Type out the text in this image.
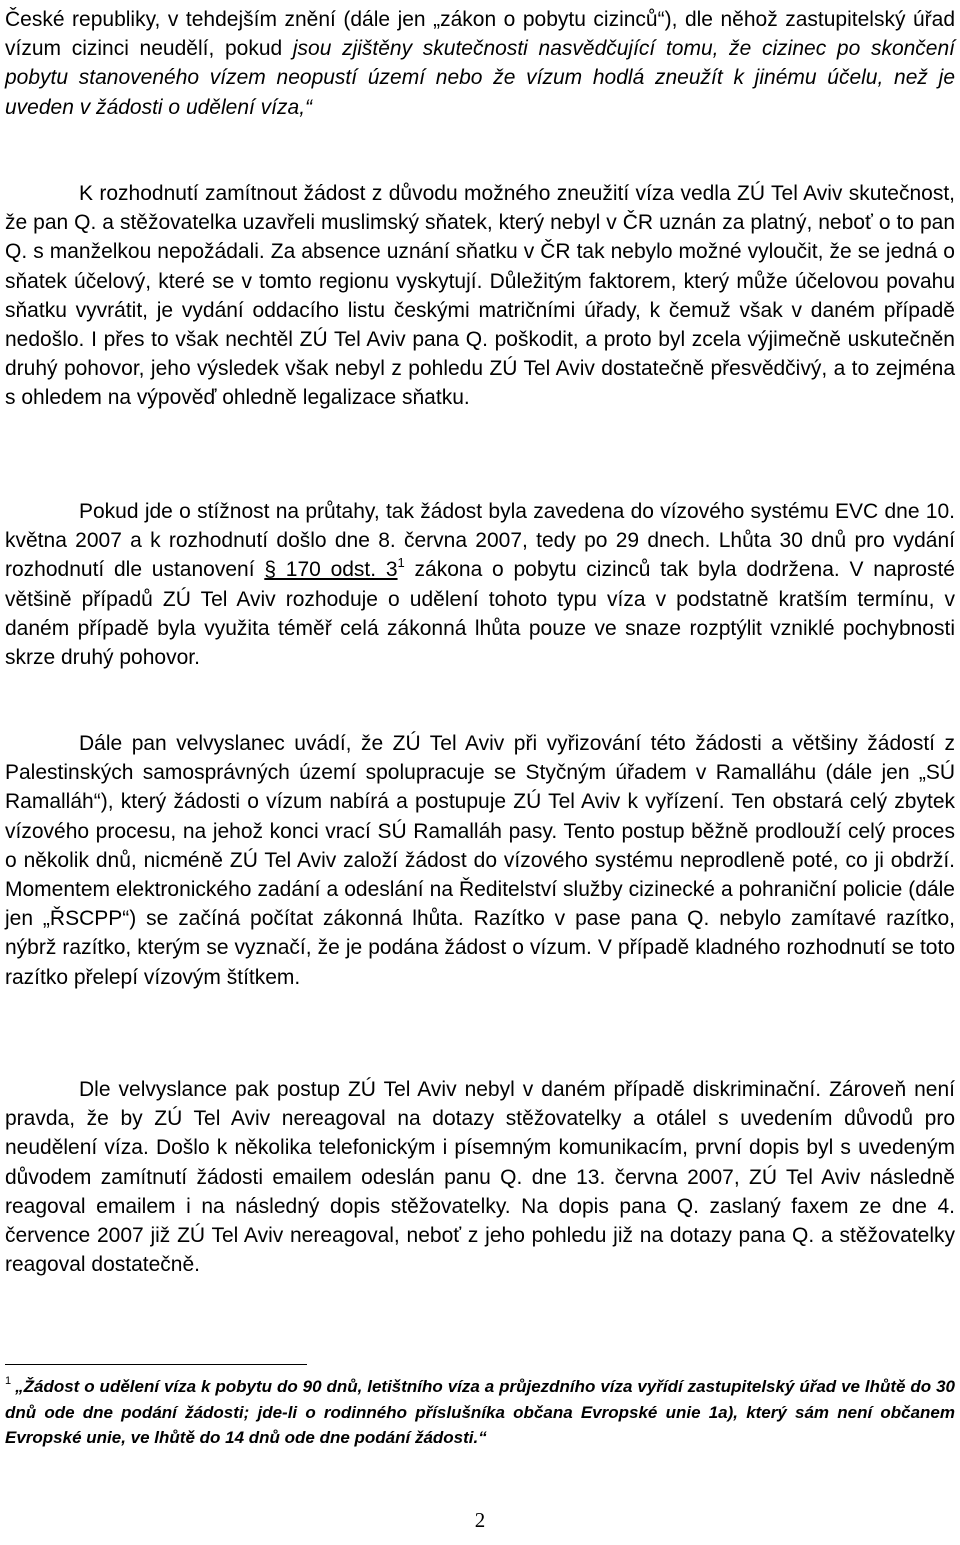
České republiky, v tehdejším znění (dále jen „zákon o pobytu cizinců“), dle něhož zastupitelský úřad vízum cizinci neudělí, pokud jsou zjištěny skutečnosti nasvědčující tomu, že cizinec po skončení pobytu stanoveného vízem neopustí území nebo že vízum hodlá zneužít k jinému účelu, než je uveden v žádosti o udělení víza,“

K rozhodnutí zamítnout žádost z důvodu možného zneužití víza vedla ZÚ Tel Aviv skutečnost, že pan Q. a stěžovatelka uzavřeli muslimský sňatek, který nebyl v ČR uznán za platný, neboť o to pan Q. s manželkou nepožádali. Za absence uznání sňatku v ČR tak nebylo možné vyloučit, že se jedná o sňatek účelový, které se v tomto regionu vyskytují. Důležitým faktorem, který může účelovou povahu sňatku vyvrátit, je vydání oddacího listu českými matričními úřady, k čemuž však v daném případě nedošlo. I přes to však nechtěl ZÚ Tel Aviv pana Q. poškodit, a proto byl zcela výjimečně uskutečněn druhý pohovor, jeho výsledek však nebyl z pohledu ZÚ Tel Aviv dostatečně přesvědčivý, a to zejména s ohledem na výpověď ohledně legalizace sňatku.

Pokud jde o stížnost na průtahy, tak žádost byla zavedena do vízového systému EVC dne 10. května 2007 a k rozhodnutí došlo dne 8. června 2007, tedy po 29 dnech. Lhůta 30 dnů pro vydání rozhodnutí dle ustanovení § 170 odst. $3^1$ zákona o pobytu cizinců tak byla dodržena. V naprosté většině případů ZÚ Tel Aviv rozhoduje o udělení tohoto typu víza v podstatně kratším termínu, v daném případě byla využita téměř celá zákonná lhůta pouze ve snaze rozptýlit vzniklé pochybnosti skrze druhý pohovor.

Dále pan velvyslanec uvádí, že ZÚ Tel Aviv při vyřizování této žádosti a většiny žádostí z Palestinských samosprávných území spolupracuje se Styčným úřadem v Ramalláhu (dále jen „SÚ Ramalláh“), který žádosti o vízum nabírá a postupuje ZÚ Tel Aviv k vyřízení. Ten obstará celý zbytek vízového procesu, na jehož konci vrací SÚ Ramalláh pasy. Tento postup běžně prodlouží celý proces o několik dnů, nicméně ZÚ Tel Aviv založí žádost do vízového systému neprodleně poté, co ji obdrží. Momentem elektronického zadání a odeslání na Ředitelství služby cizinecké a pohraniční policie (dále jen „ŘSCPP“) se začíná počítat zákonná lhůta. Razítko v pase pana Q. nebylo zamítavé razítko, nýbrž razítko, kterým se vyznačí, že je podána žádost o vízum. V případě kladného rozhodnutí se toto razítko přelepí vízovým štítkem.

Dle velvyslance pak postup ZÚ Tel Aviv nebyl v daném případě diskriminační. Zároveň není pravda, že by ZÚ Tel Aviv nereagoval na dotazy stěžovatelky a otálel s uvedením důvodů pro neudělení víza. Došlo k několika telefonickým i písemným komunikacím, první dopis byl s uvedeným důvodem zamítnutí žádosti emailem odeslán panu Q. dne 13. června 2007, ZÚ Tel Aviv následně reagoval emailem i na následný dopis stěžovatelky. Na dopis pana Q. zaslaný faxem ze dne 4. července 2007 již ZÚ Tel Aviv nereagoval, neboť z jeho pohledu již na dotazy pana Q. a stěžovatelky reagoval dostatečně.

$^1$ „Žádost o udělení víza k pobytu do 90 dnů, letištního víza a průjezdního víza vyřídí zastupitelský úřad ve lhůtě do 30 dnů ode dne podání žádosti; jde-li o rodinného příslušníka občana Evropské unie 1a), který sám není občanem Evropské unie, ve lhůtě do 14 dnů ode dne podání žádosti.“

2
